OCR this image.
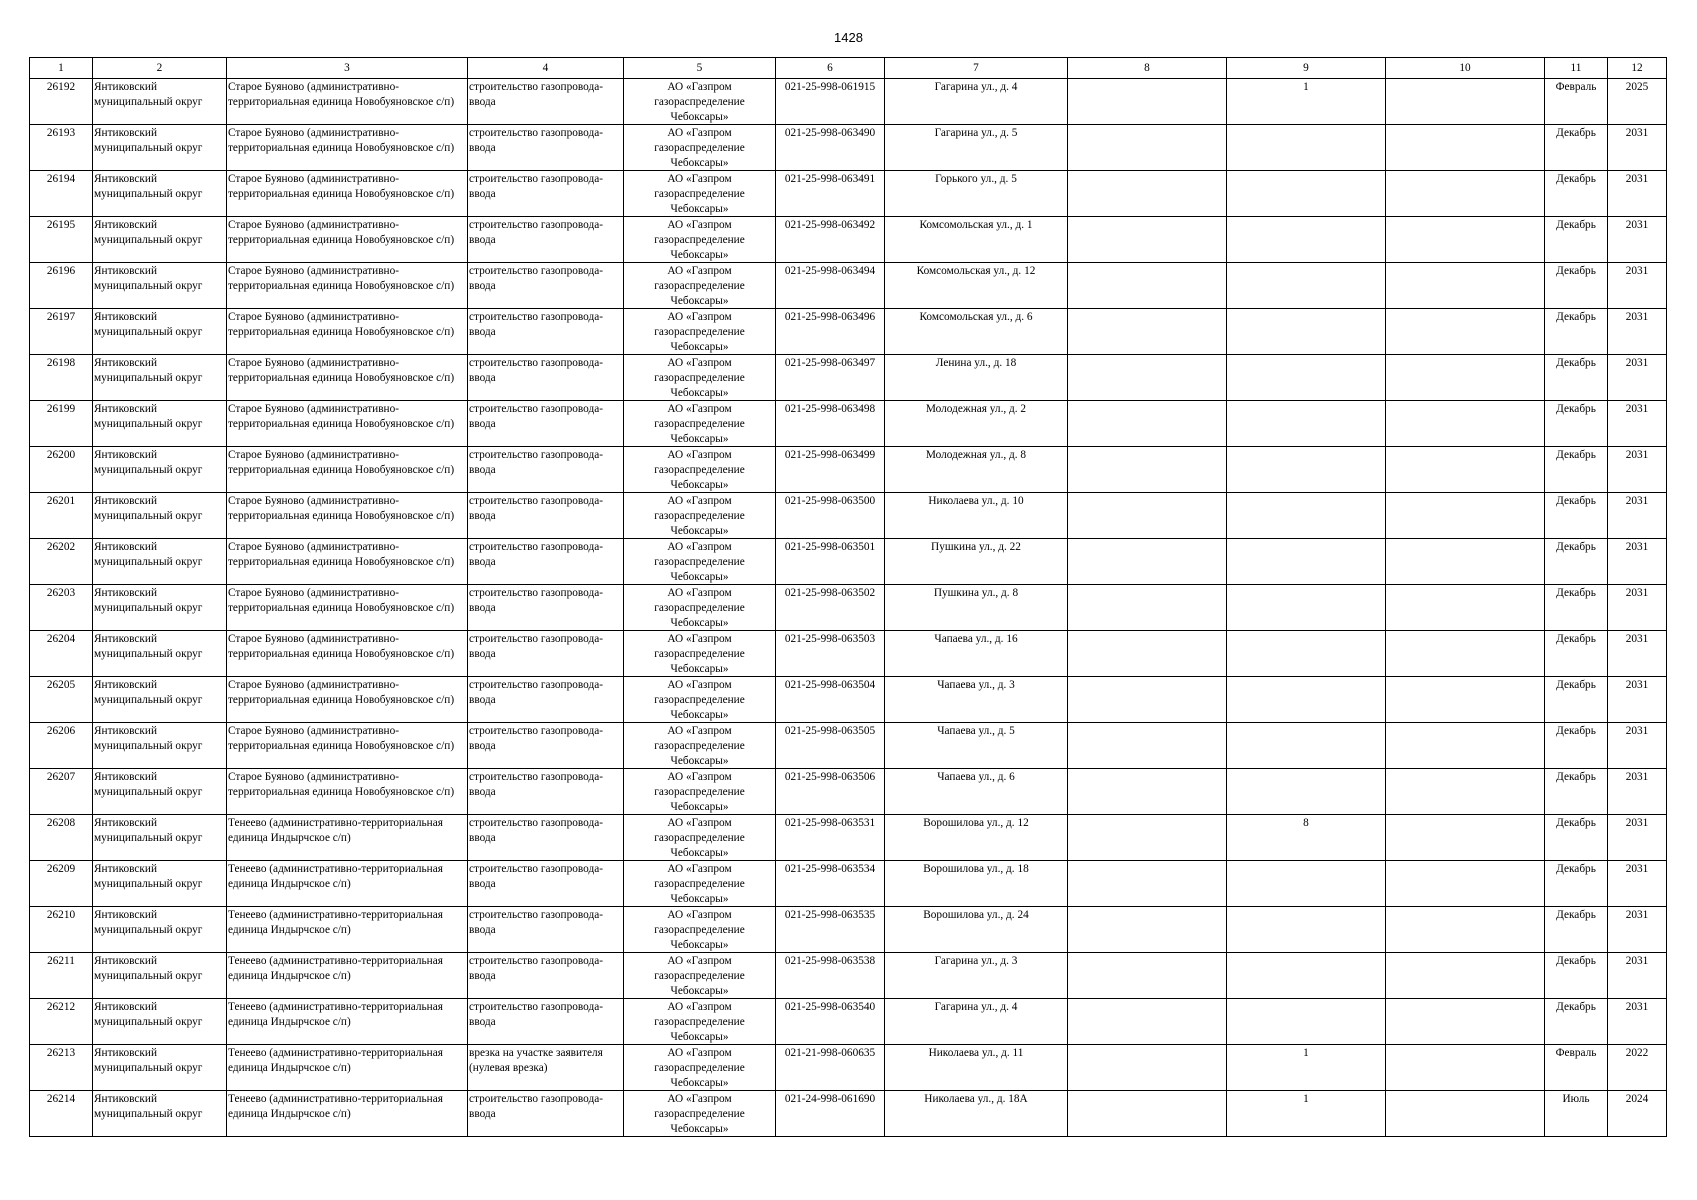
1428
1	2	3	4	5	6	7	8	9	10	11	12

26192	Янтиковский муниципальный округ	Старое Буяново (административно-территориальная единица Новобуяновское с/п)	строительство газопровода-ввода	АО «Газпром газораспределение Чебоксары»	021-25-998-061915	Гагарина ул., д. 4		1		Февраль	2025

26193	Янтиковский муниципальный округ	Старое Буяново (административно-территориальная единица Новобуяновское с/п)	строительство газопровода-ввода	АО «Газпром газораспределение Чебоксары»	021-25-998-063490	Гагарина ул., д. 5				Декабрь	2031

26194	Янтиковский муниципальный округ	Старое Буяново (административно-территориальная единица Новобуяновское с/п)	строительство газопровода-ввода	АО «Газпром газораспределение Чебоксары»	021-25-998-063491	Горького ул., д. 5				Декабрь	2031

26195	Янтиковский муниципальный округ	Старое Буяново (административно-территориальная единица Новобуяновское с/п)	строительство газопровода-ввода	АО «Газпром газораспределение Чебоксары»	021-25-998-063492	Комсомольская ул., д. 1				Декабрь	2031

26196	Янтиковский муниципальный округ	Старое Буяново (административно-территориальная единица Новобуяновское с/п)	строительство газопровода-ввода	АО «Газпром газораспределение Чебоксары»	021-25-998-063494	Комсомольская ул., д. 12				Декабрь	2031

26197	Янтиковский муниципальный округ	Старое Буяново (административно-территориальная единица Новобуяновское с/п)	строительство газопровода-ввода	АО «Газпром газораспределение Чебоксары»	021-25-998-063496	Комсомольская ул., д. 6				Декабрь	2031

26198	Янтиковский муниципальный округ	Старое Буяново (административно-территориальная единица Новобуяновское с/п)	строительство газопровода-ввода	АО «Газпром газораспределение Чебоксары»	021-25-998-063497	Ленина ул., д. 18				Декабрь	2031

26199	Янтиковский муниципальный округ	Старое Буяново (административно-территориальная единица Новобуяновское с/п)	строительство газопровода-ввода	АО «Газпром газораспределение Чебоксары»	021-25-998-063498	Молодежная ул., д. 2				Декабрь	2031

26200	Янтиковский муниципальный округ	Старое Буяново (административно-территориальная единица Новобуяновское с/п)	строительство газопровода-ввода	АО «Газпром газораспределение Чебоксары»	021-25-998-063499	Молодежная ул., д. 8				Декабрь	2031

26201	Янтиковский муниципальный округ	Старое Буяново (административно-территориальная единица Новобуяновское с/п)	строительство газопровода-ввода	АО «Газпром газораспределение Чебоксары»	021-25-998-063500	Николаева ул., д. 10				Декабрь	2031

26202	Янтиковский муниципальный округ	Старое Буяново (административно-территориальная единица Новобуяновское с/п)	строительство газопровода-ввода	АО «Газпром газораспределение Чебоксары»	021-25-998-063501	Пушкина ул., д. 22				Декабрь	2031

26203	Янтиковский муниципальный округ	Старое Буяново (административно-территориальная единица Новобуяновское с/п)	строительство газопровода-ввода	АО «Газпром газораспределение Чебоксары»	021-25-998-063502	Пушкина ул., д. 8				Декабрь	2031

26204	Янтиковский муниципальный округ	Старое Буяново (административно-территориальная единица Новобуяновское с/п)	строительство газопровода-ввода	АО «Газпром газораспределение Чебоксары»	021-25-998-063503	Чапаева ул., д. 16				Декабрь	2031

26205	Янтиковский муниципальный округ	Старое Буяново (административно-территориальная единица Новобуяновское с/п)	строительство газопровода-ввода	АО «Газпром газораспределение Чебоксары»	021-25-998-063504	Чапаева ул., д. 3				Декабрь	2031

26206	Янтиковский муниципальный округ	Старое Буяново (административно-территориальная единица Новобуяновское с/п)	строительство газопровода-ввода	АО «Газпром газораспределение Чебоксары»	021-25-998-063505	Чапаева ул., д. 5				Декабрь	2031

26207	Янтиковский муниципальный округ	Старое Буяново (административно-территориальная единица Новобуяновское с/п)	строительство газопровода-ввода	АО «Газпром газораспределение Чебоксары»	021-25-998-063506	Чапаева ул., д. 6				Декабрь	2031

26208	Янтиковский муниципальный округ	Тенеево (административно-территориальная единица Индырчское с/п)	строительство газопровода-ввода	АО «Газпром газораспределение Чебоксары»	021-25-998-063531	Ворошилова ул., д. 12		8		Декабрь	2031

26209	Янтиковский муниципальный округ	Тенеево (административно-территориальная единица Индырчское с/п)	строительство газопровода-ввода	АО «Газпром газораспределение Чебоксары»	021-25-998-063534	Ворошилова ул., д. 18				Декабрь	2031

26210	Янтиковский муниципальный округ	Тенеево (административно-территориальная единица Индырчское с/п)	строительство газопровода-ввода	АО «Газпром газораспределение Чебоксары»	021-25-998-063535	Ворошилова ул., д. 24				Декабрь	2031

26211	Янтиковский муниципальный округ	Тенеево (административно-территориальная единица Индырчское с/п)	строительство газопровода-ввода	АО «Газпром газораспределение Чебоксары»	021-25-998-063538	Гагарина ул., д. 3				Декабрь	2031

26212	Янтиковский муниципальный округ	Тенеево (административно-территориальная единица Индырчское с/п)	строительство газопровода-ввода	АО «Газпром газораспределение Чебоксары»	021-25-998-063540	Гагарина ул., д. 4				Декабрь	2031

26213	Янтиковский муниципальный округ	Тенеево (административно-территориальная единица Индырчское с/п)	врезка на участке заявителя (нулевая врезка)	АО «Газпром газораспределение Чебоксары»	021-21-998-060635	Николаева ул., д. 11		1		Февраль	2022

26214	Янтиковский муниципальный округ	Тенеево (административно-территориальная единица Индырчское с/п)	строительство газопровода-ввода	АО «Газпром газораспределение Чебоксары»	021-24-998-061690	Николаева ул., д. 18А		1		Июль	2024
